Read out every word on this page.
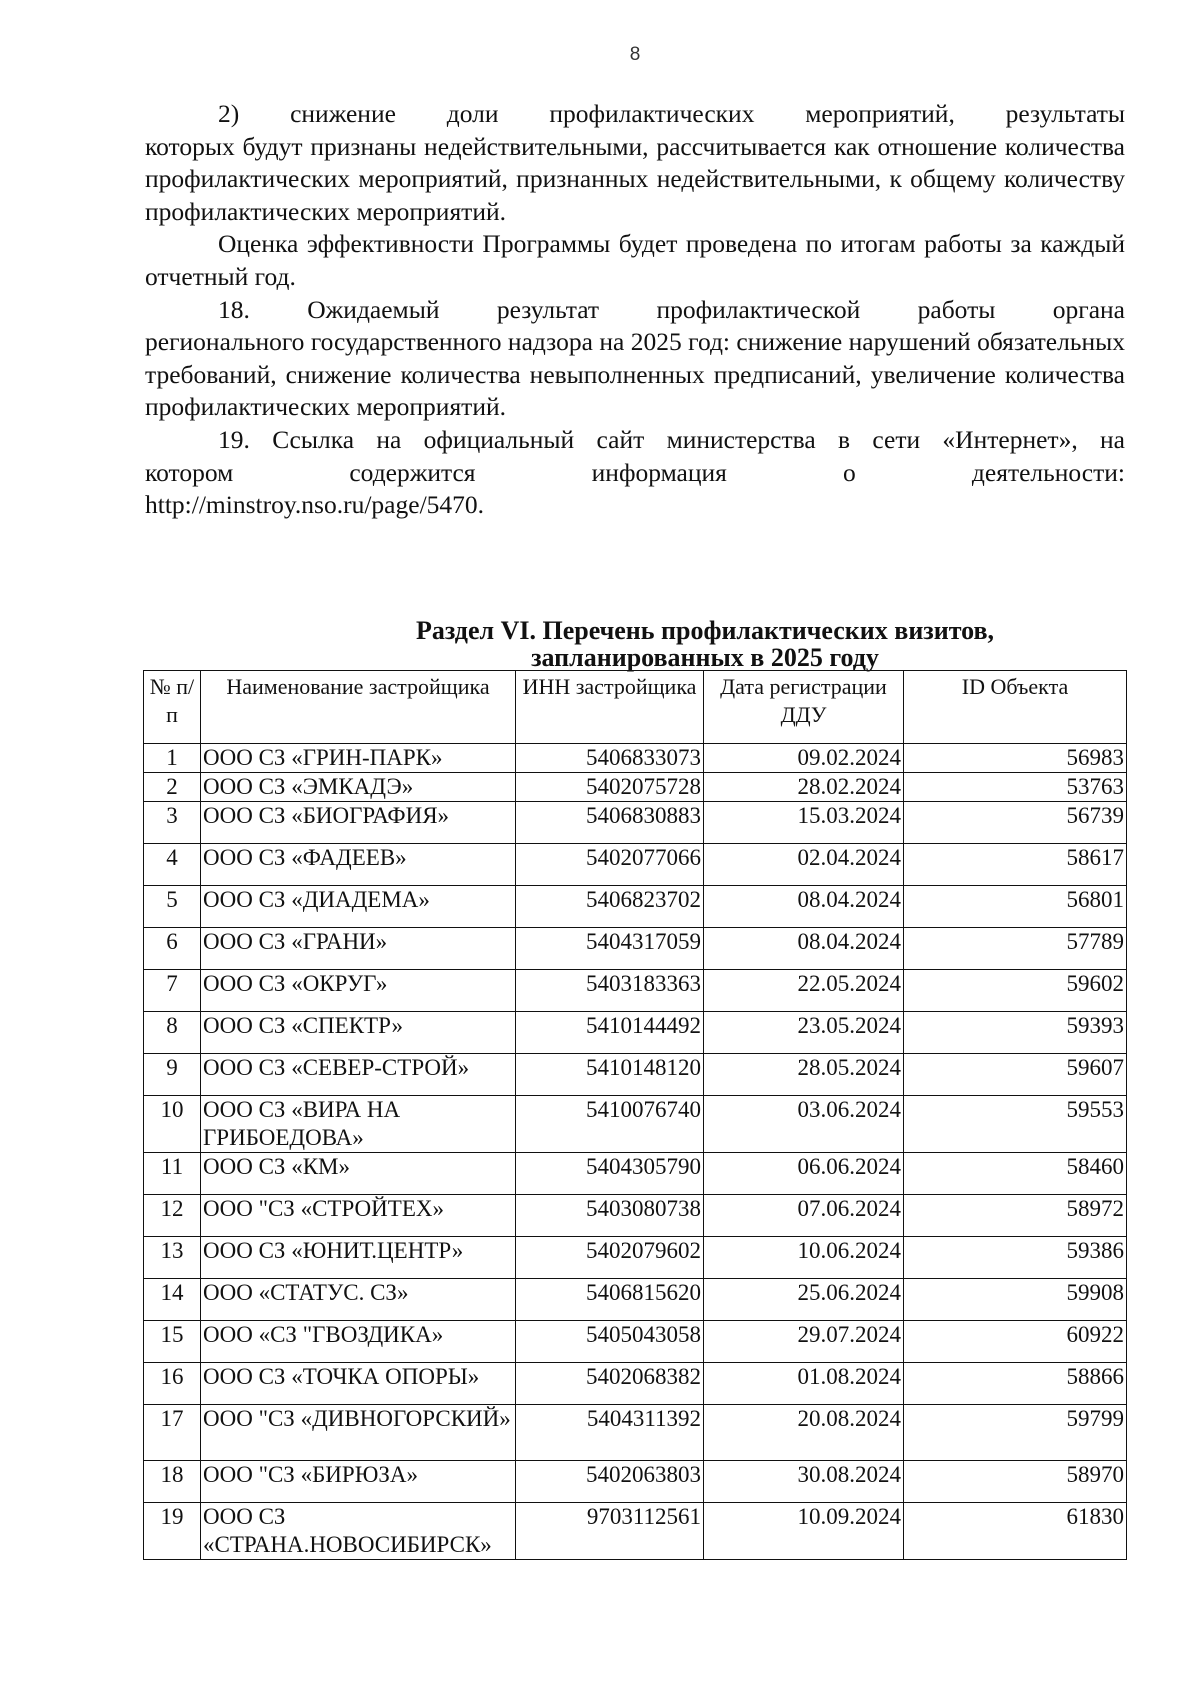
8

2) снижение доли профилактических мероприятий, результаты

которых будут признаны недействительными, рассчитывается как отношение количества профилактических мероприятий, признанных недействительными, к общему количеству профилактических мероприятий.

Оценка эффективности Программы будет проведена по итогам работы за каждый отчетный год.

18. Ожидаемый результат профилактической работы органа

регионального государственного надзора на 2025 год: снижение нарушений обязательных требований, снижение количества невыполненных предписаний, увеличение количества профилактических мероприятий.

19. Ссылка на официальный сайт министерства в сети «Интернет», на

котором содержится информация о деятельности:

http://minstroy.nso.ru/page/5470.

Раздел VI. Перечень профилактических визитов,
запланированных в 2025 году
№ п/п	Наименование застройщика	ИНН застройщика	Дата регистрации ДДУ	ID Объекта
1	ООО СЗ «ГРИН-ПАРК»	5406833073	09.02.2024	56983
2	ООО СЗ «ЭМКАДЭ»	5402075728	28.02.2024	53763
3	ООО СЗ «БИОГРАФИЯ»	5406830883	15.03.2024	56739
4	ООО СЗ «ФАДЕЕВ»	5402077066	02.04.2024	58617
5	ООО СЗ «ДИАДЕМА»	5406823702	08.04.2024	56801
6	ООО СЗ «ГРАНИ»	5404317059	08.04.2024	57789
7	ООО СЗ «ОКРУГ»	5403183363	22.05.2024	59602
8	ООО СЗ «СПЕКТР»	5410144492	23.05.2024	59393
9	ООО СЗ «СЕВЕР-СТРОЙ»	5410148120	28.05.2024	59607
10	ООО СЗ «ВИРА НА ГРИБОЕДОВА»	5410076740	03.06.2024	59553
11	ООО СЗ «КМ»	5404305790	06.06.2024	58460
12	ООО "СЗ «СТРОЙТЕХ»	5403080738	07.06.2024	58972
13	ООО СЗ «ЮНИТ.ЦЕНТР»	5402079602	10.06.2024	59386
14	ООО «СТАТУС. СЗ»	5406815620	25.06.2024	59908
15	ООО «СЗ "ГВОЗДИКА»	5405043058	29.07.2024	60922
16	ООО СЗ «ТОЧКА ОПОРЫ»	5402068382	01.08.2024	58866
17	ООО "СЗ «ДИВНОГОРСКИЙ»	5404311392	20.08.2024	59799
18	ООО "СЗ «БИРЮЗА»	5402063803	30.08.2024	58970
19	ООО СЗ «СТРАНА.НОВОСИБИРСК»	9703112561	10.09.2024	61830
